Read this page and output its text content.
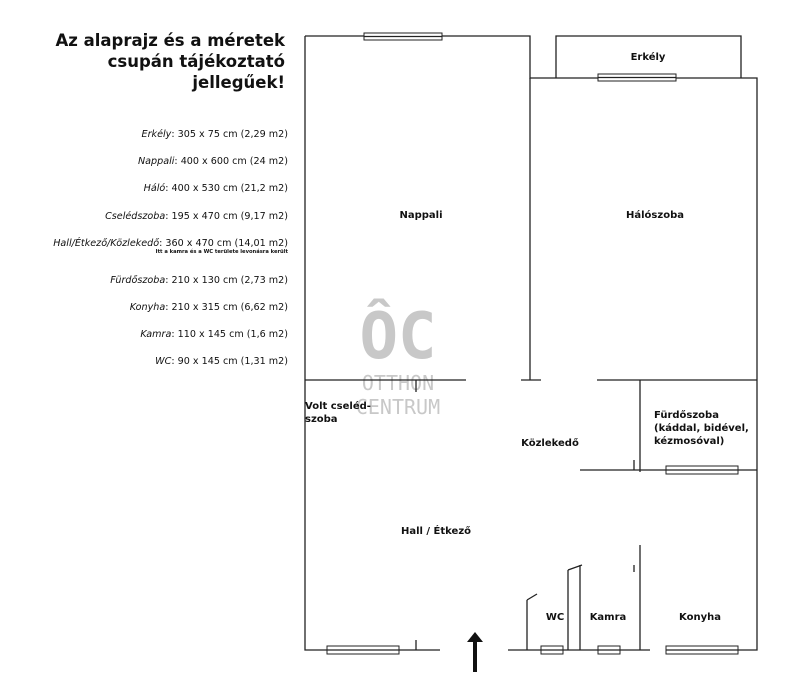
Az alaprajz és a méretek csupán tájékoztató jellegűek!

Erkély: 305 x 75 cm (2,29 m2)
Nappali: 400 x 600 cm (24 m2)
Háló: 400 x 530 cm (21,2 m2)
Cselédszoba: 195 x 470 cm (9,17 m2)
Hall/Étkező/Közlekedő: 360 x 470 cm (14,01 m2)
Itt a kamra és a WC területe levonásra került
Fürdőszoba: 210 x 130 cm (2,73 m2)
Konyha: 210 x 315 cm (6,62 m2)
Kamra: 110 x 145 cm (1,6 m2)
WC: 90 x 145 cm (1,31 m2) ÔC
OTTHON
CENTRUM
Erkély
Nappali	Hálószoba
Volt cseléd-
szoba
Közlekedő
Fürdőszoba
(káddal, bidével,
kézmosóval)
Hall / Étkező
WC	Kamra	Konyha
